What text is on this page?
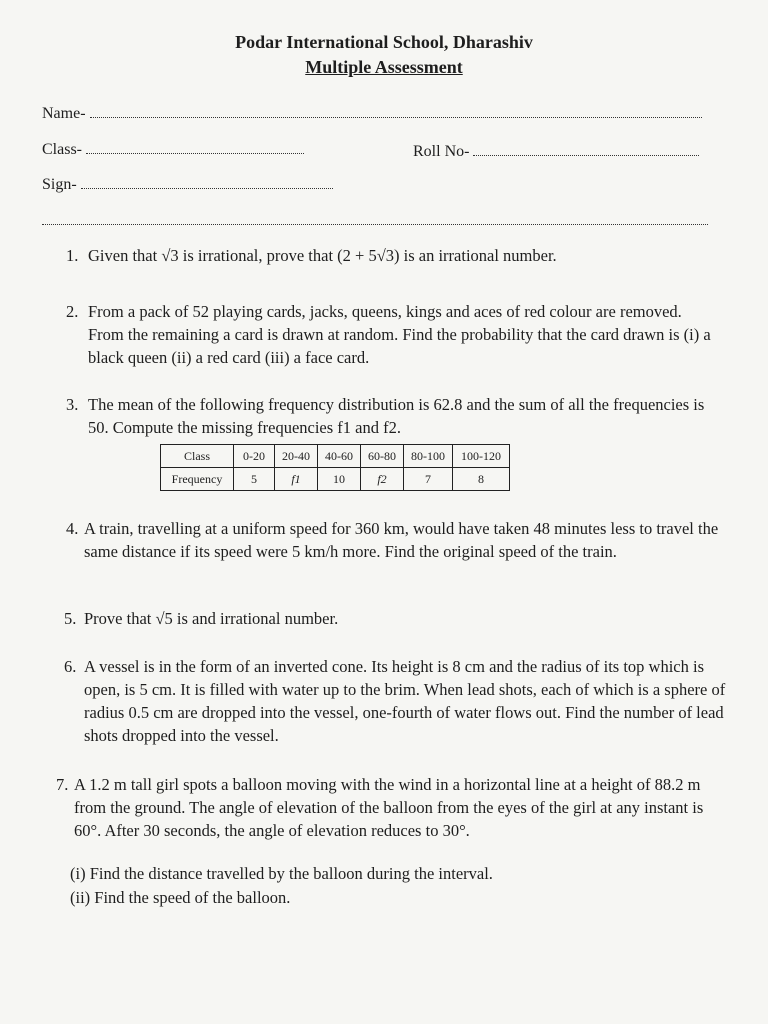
Podar International School, Dharashiv
Multiple Assessment
Name-
Class-	Roll No-
Sign-
1. Given that √3 is irrational, prove that (2 + 5√3) is an irrational number.
2. From a pack of 52 playing cards, jacks, queens, kings and aces of red colour are removed. From the remaining a card is drawn at random. Find the probability that the card drawn is (i) a black queen (ii) a red card (iii) a face card.
3. The mean of the following frequency distribution is 62.8 and the sum of all the frequencies is 50. Compute the missing frequencies f1 and f2.
Class	0-20	20-40	40-60	60-80	80-100	100-120
Frequency	5	f1	10	f2	7	8
4. A train, travelling at a uniform speed for 360 km, would have taken 48 minutes less to travel the same distance if its speed were 5 km/h more. Find the original speed of the train.
5. Prove that √5 is and irrational number.
6. A vessel is in the form of an inverted cone. Its height is 8 cm and the radius of its top which is open, is 5 cm. It is filled with water up to the brim. When lead shots, each of which is a sphere of radius 0.5 cm are dropped into the vessel, one-fourth of water flows out. Find the number of lead shots dropped into the vessel.
7. A 1.2 m tall girl spots a balloon moving with the wind in a horizontal line at a height of 88.2 m from the ground. The angle of elevation of the balloon from the eyes of the girl at any instant is 60°. After 30 seconds, the angle of elevation reduces to 30°.
(i) Find the distance travelled by the balloon during the interval.
(ii) Find the speed of the balloon.
